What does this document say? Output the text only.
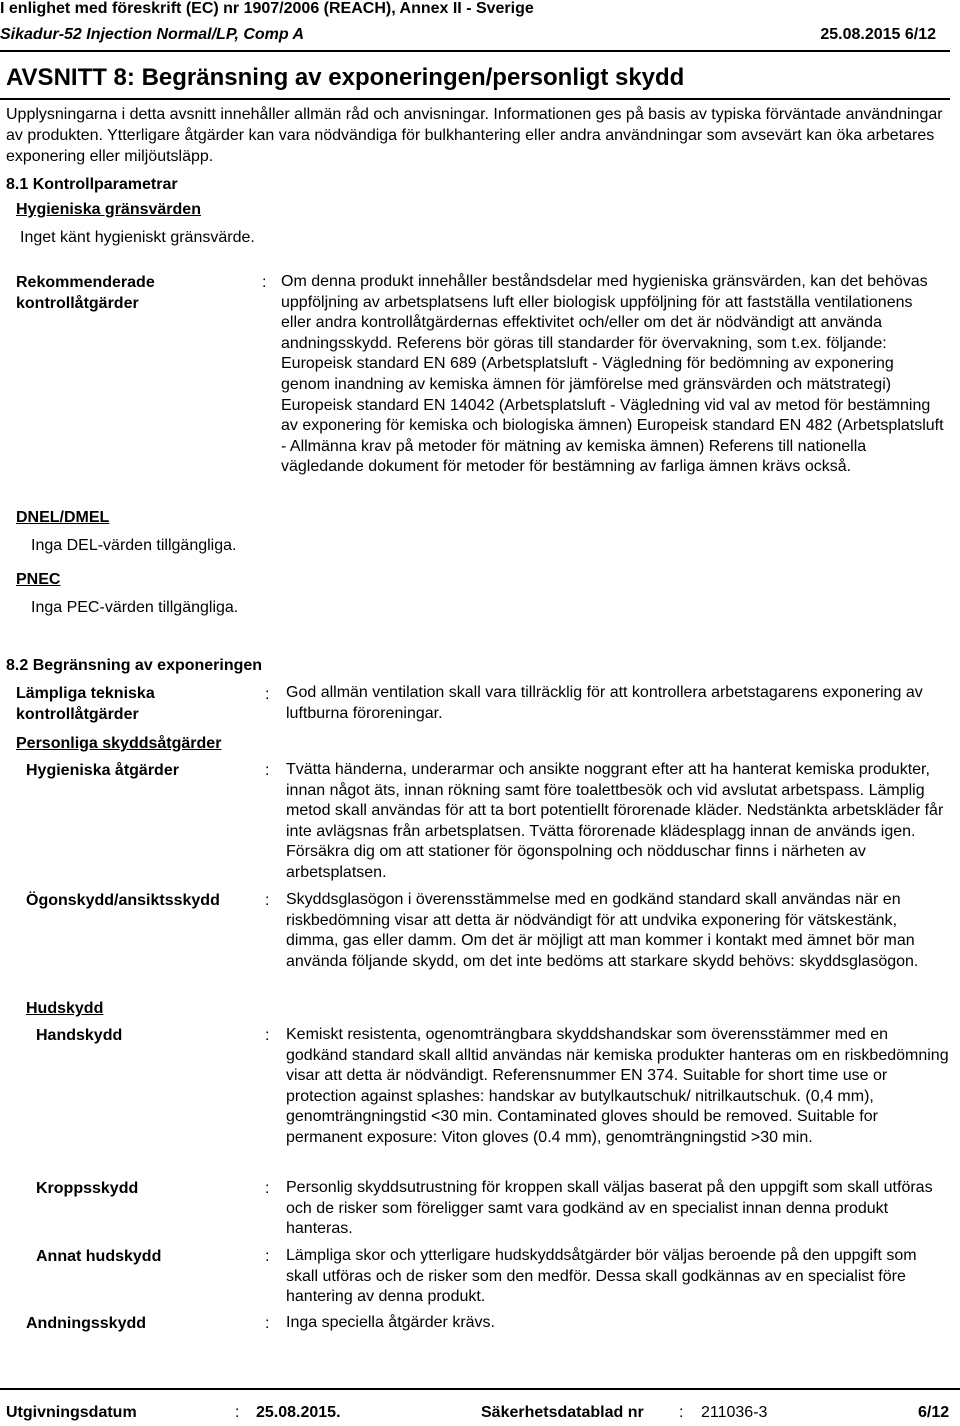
I enlighet med föreskrift (EC) nr 1907/2006 (REACH), Annex II - Sverige
Sikadur-52 Injection Normal/LP, Comp A	25.08.2015 6/12
AVSNITT 8: Begränsning av exponeringen/personligt skydd
Upplysningarna i detta avsnitt innehåller allmän råd och anvisningar. Informationen ges på basis av typiska förväntade användningar av produkten. Ytterligare åtgärder kan vara nödvändiga för bulkhantering eller andra användningar som avsevärt kan öka arbetares exponering eller miljöutsläpp.
8.1 Kontrollparametrar
Hygieniska gränsvärden
Inget känt hygieniskt gränsvärde.
Rekommenderade
kontrollåtgärder
: Om denna produkt innehåller beståndsdelar med hygieniska gränsvärden, kan det behövas uppföljning av arbetsplatsens luft eller biologisk uppföljning för att fastställa ventilationens eller andra kontrollåtgärdernas effektivitet och/eller om det är nödvändigt att använda andningsskydd. Referens bör göras till standarder för övervakning, som t.ex. följande: Europeisk standard EN 689 (Arbetsplatsluft - Vägledning för bedömning av exponering genom inandning av kemiska ämnen för jämförelse med gränsvärden och mätstrategi) Europeisk standard EN 14042 (Arbetsplatsluft - Vägledning vid val av metod för bestämning av exponering för kemiska och biologiska ämnen) Europeisk standard EN 482 (Arbetsplatsluft - Allmänna krav på metoder för mätning av kemiska ämnen) Referens till nationella vägledande dokument för metoder för bestämning av farliga ämnen krävs också.
DNEL/DMEL
Inga DEL-värden tillgängliga.
PNEC
Inga PEC-värden tillgängliga.
8.2 Begränsning av exponeringen
Lämpliga tekniska
kontrollåtgärder
: God allmän ventilation skall vara tillräcklig för att kontrollera arbetstagarens exponering av luftburna föroreningar.
Personliga skyddsåtgärder
Hygieniska åtgärder	: Tvätta händerna, underarmar och ansikte noggrant efter att ha hanterat kemiska produkter, innan något äts, innan rökning samt före toalettbesök och vid avslutat arbetspass. Lämplig metod skall användas för att ta bort potentiellt förorenade kläder. Nedstänkta arbetskläder får inte avlägsnas från arbetsplatsen. Tvätta förorenade klädesplagg innan de används igen. Försäkra dig om att stationer för ögonspolning och nödduschar finns i närheten av arbetsplatsen.
Ögonskydd/ansiktsskydd	: Skyddsglasögon i överensstämmelse med en godkänd standard skall användas när en riskbedömning visar att detta är nödvändigt för att undvika exponering för vätskestänk, dimma, gas eller damm. Om det är möjligt att man kommer i kontakt med ämnet bör man använda följande skydd, om det inte bedöms att starkare skydd behövs: skyddsglasögon.
Hudskydd
Handskydd	: Kemiskt resistenta, ogenomträngbara skyddshandskar som överensstämmer med en godkänd standard skall alltid användas när kemiska produkter hanteras om en riskbedömning visar att detta är nödvändigt. Referensnummer EN 374. Suitable for short time use or protection against splashes: handskar av butylkautschuk/ nitrilkautschuk. (0,4 mm), genomträngningstid <30 min. Contaminated gloves should be removed. Suitable for permanent exposure: Viton gloves (0.4 mm), genomträngningstid >30 min.
Kroppsskydd	: Personlig skyddsutrustning för kroppen skall väljas baserat på den uppgift som skall utföras och de risker som föreligger samt vara godkänd av en specialist innan denna produkt hanteras.
Annat hudskydd	: Lämpliga skor och ytterligare hudskyddsåtgärder bör väljas beroende på den uppgift som skall utföras och de risker som den medför. Dessa skall godkännas av en specialist före hantering av denna produkt.
Andningsskydd	: Inga speciella åtgärder krävs.
Utgivningsdatum	: 25.08.2015.	Säkerhetsdatablad nr : 211036-3	6/12
